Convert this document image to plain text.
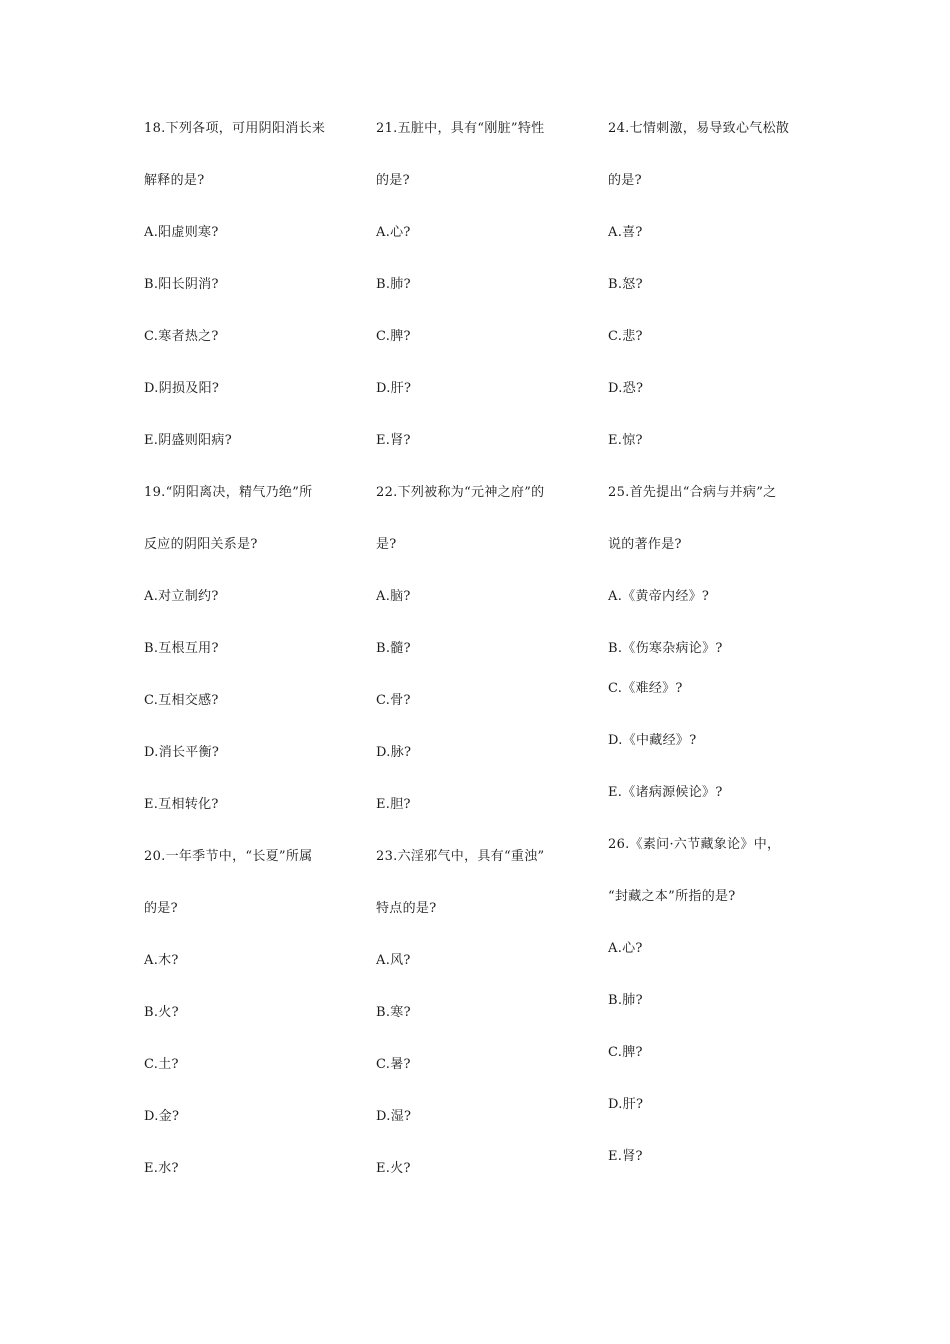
18.下列各项，可用阴阳消长来
解释的是?
A.阳虚则寒?
B.阳长阴消?
C.寒者热之?
D.阴损及阳?
E.阴盛则阳病?
19.“阴阳离决，精气乃绝”所
反应的阴阳关系是?
A.对立制约?
B.互根互用?
C.互相交感?
D.消长平衡?
E.互相转化?
20.一年季节中，“长夏”所属
的是?
A.木?
B.火?
C.土?
D.金?
E.水?
21.五脏中，具有“刚脏”特性
的是?
A.心?
B.肺?
C.脾?
D.肝?
E.肾?
22.下列被称为“元神之府”的
是?
A.脑?
B.髓?
C.骨?
D.脉?
E.胆?
23.六淫邪气中，具有“重浊”
特点的是?
A.风?
B.寒?
C.暑?
D.湿?
E.火?
24.七情刺激，易导致心气松散
的是?
A.喜?
B.怒?
C.悲?
D.恐?
E.惊?
25.首先提出“合病与并病”之
说的著作是?
A.《黄帝内经》?
B.《伤寒杂病论》?
C.《难经》?
D.《中藏经》?
E.《诸病源候论》?
26.《素问·六节藏象论》中，
“封藏之本”所指的是?
A.心?
B.肺?
C.脾?
D.肝?
E.肾?
